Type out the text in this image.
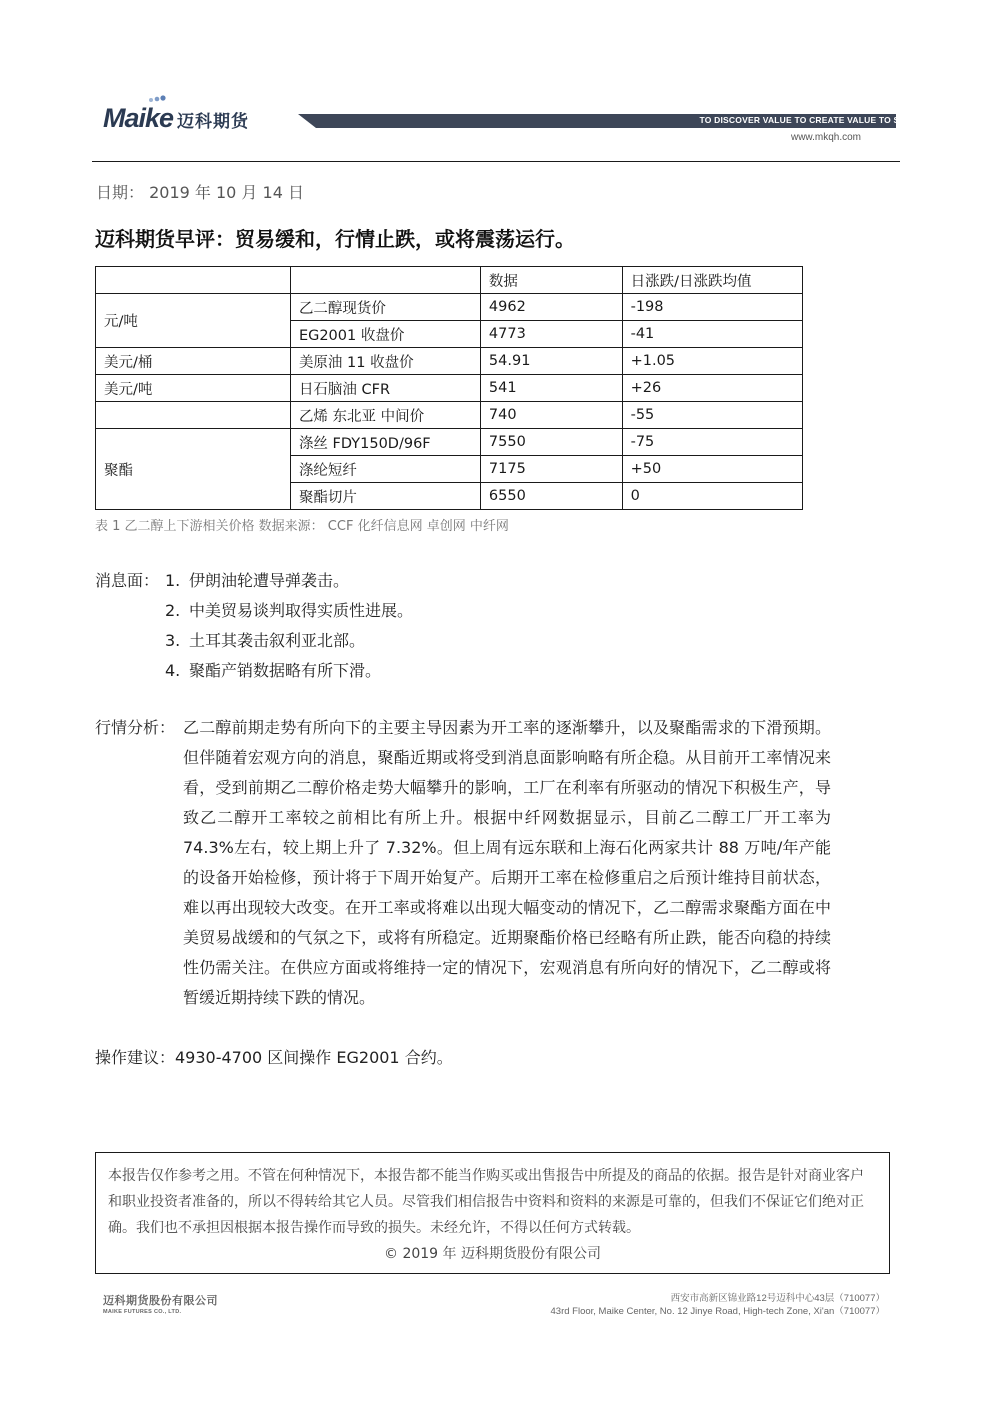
Maike 迈科期货	TO DISCOVER VALUE TO CREATE VALUE TO SHARE VALUE
www.mkqh.com
日期： 2019 年 10 月 14 日
迈科期货早评：贸易缓和，行情止跌，或将震荡运行。
		数据	日涨跌/日涨跌均值
元/吨	乙二醇现货价	4962	-198
	EG2001 收盘价	4773	-41
美元/桶	美原油 11 收盘价	54.91	+1.05
美元/吨	日石脑油 CFR	541	+26
	乙烯 东北亚 中间价	740	-55
聚酯	涤丝 FDY150D/96F	7550	-75
	涤纶短纤	7175	+50
	聚酯切片	6550	0
表 1 乙二醇上下游相关价格 数据来源： CCF 化纤信息网 卓创网 中纤网
消息面： 1. 伊朗油轮遭导弹袭击。
2. 中美贸易谈判取得实质性进展。
3. 土耳其袭击叙利亚北部。
4. 聚酯产销数据略有所下滑。
行情分析： 乙二醇前期走势有所向下的主要主导因素为开工率的逐渐攀升，以及聚酯需求的下滑预期。但伴随着宏观方向的消息，聚酯近期或将受到消息面影响略有所企稳。从目前开工率情况来看，受到前期乙二醇价格走势大幅攀升的影响，工厂在利率有所驱动的情况下积极生产，导致乙二醇开工率较之前相比有所上升。根据中纤网数据显示，目前乙二醇工厂开工率为 74.3%左右，较上期上升了 7.32%。但上周有远东联和上海石化两家共计 88 万吨/年产能的设备开始检修，预计将于下周开始复产。后期开工率在检修重启之后预计维持目前状态，难以再出现较大改变。在开工率或将难以出现大幅变动的情况下，乙二醇需求聚酯方面在中美贸易战缓和的气氛之下，或将有所稳定。近期聚酯价格已经略有所止跌，能否向稳的持续性仍需关注。在供应方面或将维持一定的情况下，宏观消息有所向好的情况下，乙二醇或将暂缓近期持续下跌的情况。
操作建议：4930-4700 区间操作 EG2001 合约。
本报告仅作参考之用。不管在何种情况下，本报告都不能当作购买或出售报告中所提及的商品的依据。报告是针对商业客户和职业投资者准备的，所以不得转给其它人员。尽管我们相信报告中资料和资料的来源是可靠的，但我们不保证它们绝对正确。我们也不承担因根据本报告操作而导致的损失。未经允许，不得以任何方式转载。
© 2019 年 迈科期货股份有限公司
迈科期货股份有限公司
MAIKE FUTURES CO., LTD.
西安市高新区锦业路12号迈科中心43层（710077）
43rd Floor, Maike Center, No. 12 Jinye Road, High-tech Zone, Xi'an（710077）
